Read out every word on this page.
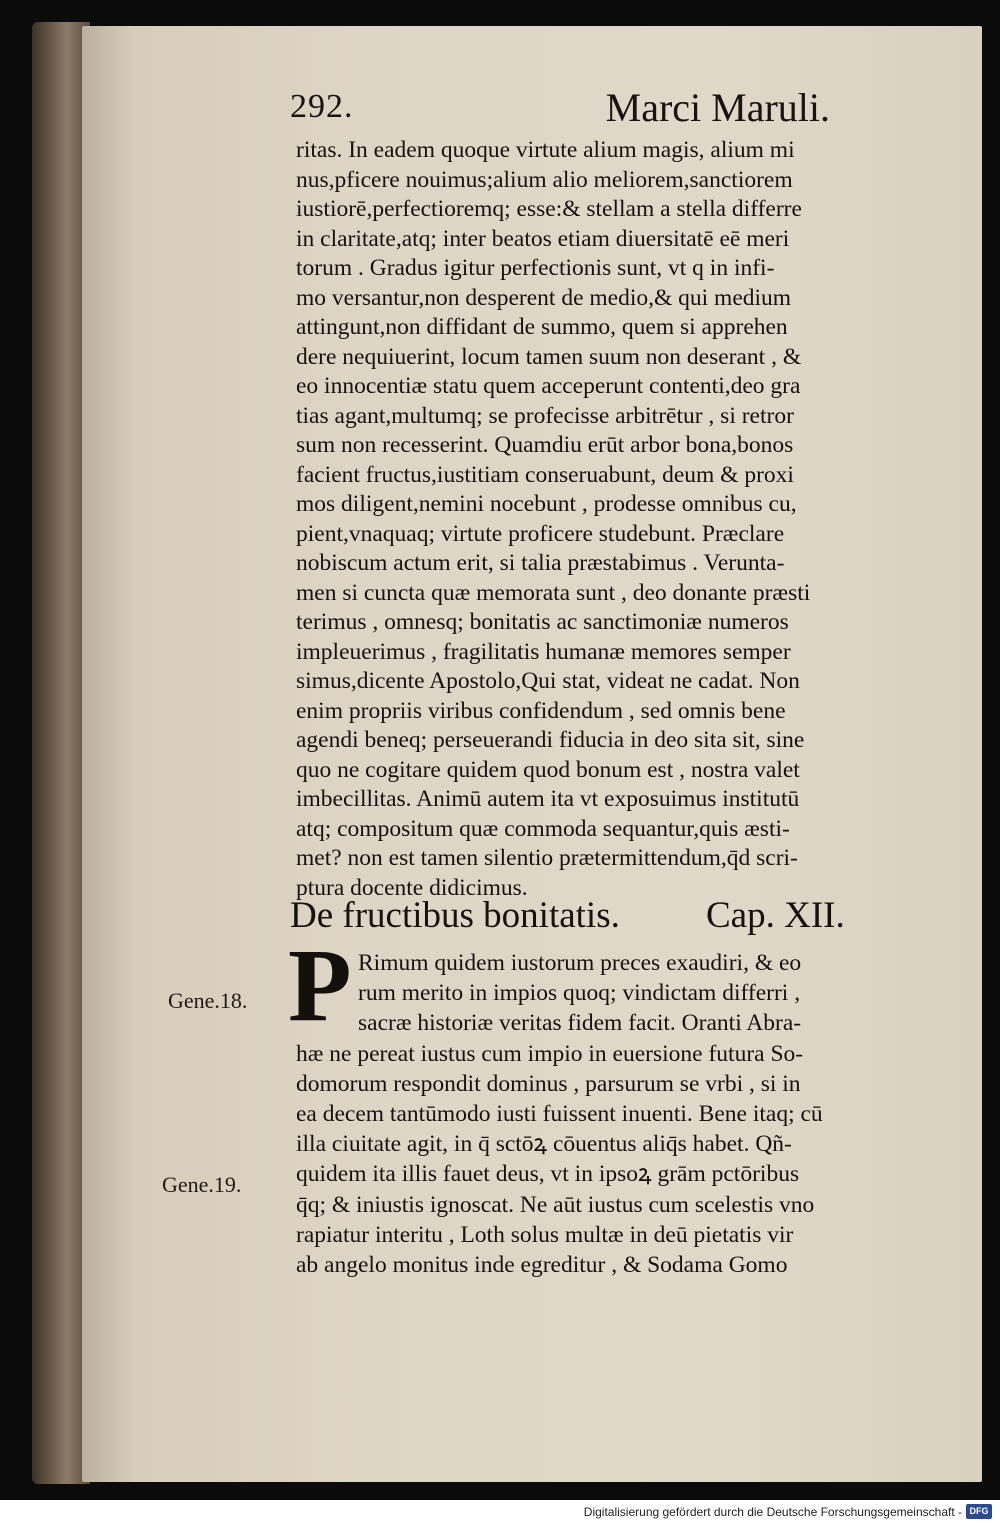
292.	Marci Maruli.
ritas. In eadem quoque virtute alium magis, alium mi
nus,pficere nouimus;alium alio meliorem,sanctiorem
iustiorē,perfectioremq; esse:& stellam a stella differre
in claritate,atq; inter beatos etiam diuersitatē eē meri
torum . Gradus igitur perfectionis sunt, vt q in infi-
mo versantur,non desperent de medio,& qui medium
attingunt,non diffidant de summo, quem si apprehen
dere nequiuerint, locum tamen suum non deserant , &
eo innocentiæ statu quem acceperunt contenti,deo gra
tias agant,multumq; se profecisse arbitrētur , si retror
sum non recesserint. Quamdiu erūt arbor bona,bonos
facient fructus,iustitiam conseruabunt, deum & proxi
mos diligent,nemini nocebunt , prodesse omnibus cu,
pient,vnaquaq; virtute proficere studebunt. Præclare
nobiscum actum erit, si talia præstabimus . Verunta-
men si cuncta quæ memorata sunt , deo donante præsti
terimus , omnesq; bonitatis ac sanctimoniæ numeros
impleuerimus , fragilitatis humanæ memores semper
simus,dicente Apostolo,Qui stat, videat ne cadat. Non
enim propriis viribus confidendum , sed omnis bene
agendi beneq; perseuerandi fiducia in deo sita sit, sine
quo ne cogitare quidem quod bonum est , nostra valet
imbecillitas. Animū autem ita vt exposuimus institutū
atq; compositum quæ commoda sequantur,quis æsti-
met? non est tamen silentio prætermittendum,q̄d scri-
ptura docente didicimus.
De fructibus bonitatis. Cap. XII.
P Rimum quidem iustorum preces exaudiri, & eo
rum merito in impios quoq; vindictam differri ,
sacræ historiæ veritas fidem facit. Oranti Abra-
hæ ne pereat iustus cum impio in euersione futura So-
domorum respondit dominus , parsurum se vrbi , si in
ea decem tantūmodo iusti fuissent inuenti. Bene itaq; cū
illa ciuitate agit, in q̄ sctōꝝ cōuentus aliq̄s habet. Qñ-
quidem ita illis fauet deus, vt in ipsoꝝ grām pctōribus
q̄q; & iniustis ignoscat. Ne aūt iustus cum scelestis vno
rapiatur interitu , Loth solus multæ in deū pietatis vir
ab angelo monitus inde egreditur , & Sodama Gomo
Gene.18.
Gene.19.
Digitalisierung gefördert durch die Deutsche Forschungsgemeinschaft - DFG
